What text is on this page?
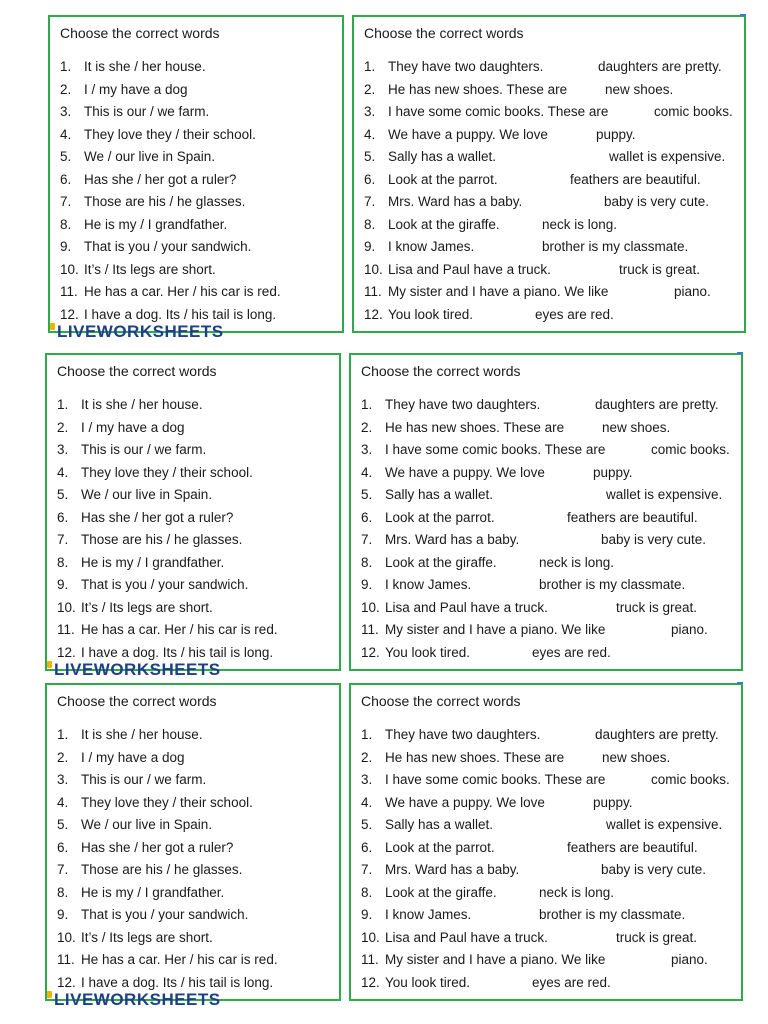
Choose the correct words
1. It is she / her house.
2. I / my have a dog
3. This is our / we farm.
4. They love they / their school.
5. We / our live in Spain.
6. Has she / her got a ruler?
7. Those are his / he glasses.
8. He is my / I grandfather.
9. That is you / your sandwich.
10. It’s / Its legs are short.
11. He has a car. Her / his car is red.
12. I have a dog. Its / his tail is long.
Choose the correct words
1. They have two daughters.	daughters are pretty.
2. He has new shoes. These are	new shoes.
3. I have some comic books. These are	comic books.
4. We have a puppy. We love	puppy.
5. Sally has a wallet.	wallet is expensive.
6. Look at the parrot.	feathers are beautiful.
7. Mrs. Ward has a baby.	baby is very cute.
8. Look at the giraffe.	neck is long.
9. I know James.	brother is my classmate.
10. Lisa and Paul have a truck.	truck is great.
11. My sister and I have a piano. We like	piano.
12. You look tired.	eyes are red.
LIVEWORKSHEETS
Choose the correct words
1. It is she / her house.
2. I / my have a dog
3. This is our / we farm.
4. They love they / their school.
5. We / our live in Spain.
6. Has she / her got a ruler?
7. Those are his / he glasses.
8. He is my / I grandfather.
9. That is you / your sandwich.
10. It’s / Its legs are short.
11. He has a car. Her / his car is red.
12. I have a dog. Its / his tail is long.
Choose the correct words
1. They have two daughters.	daughters are pretty.
2. He has new shoes. These are	new shoes.
3. I have some comic books. These are	comic books.
4. We have a puppy. We love	puppy.
5. Sally has a wallet.	wallet is expensive.
6. Look at the parrot.	feathers are beautiful.
7. Mrs. Ward has a baby.	baby is very cute.
8. Look at the giraffe.	neck is long.
9. I know James.	brother is my classmate.
10. Lisa and Paul have a truck.	truck is great.
11. My sister and I have a piano. We like	piano.
12. You look tired.	eyes are red.
LIVEWORKSHEETS
Choose the correct words
1. It is she / her house.
2. I / my have a dog
3. This is our / we farm.
4. They love they / their school.
5. We / our live in Spain.
6. Has she / her got a ruler?
7. Those are his / he glasses.
8. He is my / I grandfather.
9. That is you / your sandwich.
10. It’s / Its legs are short.
11. He has a car. Her / his car is red.
12. I have a dog. Its / his tail is long.
Choose the correct words
1. They have two daughters.	daughters are pretty.
2. He has new shoes. These are	new shoes.
3. I have some comic books. These are	comic books.
4. We have a puppy. We love	puppy.
5. Sally has a wallet.	wallet is expensive.
6. Look at the parrot.	feathers are beautiful.
7. Mrs. Ward has a baby.	baby is very cute.
8. Look at the giraffe.	neck is long.
9. I know James.	brother is my classmate.
10. Lisa and Paul have a truck.	truck is great.
11. My sister and I have a piano. We like	piano.
12. You look tired.	eyes are red.
LIVEWORKSHEETS
